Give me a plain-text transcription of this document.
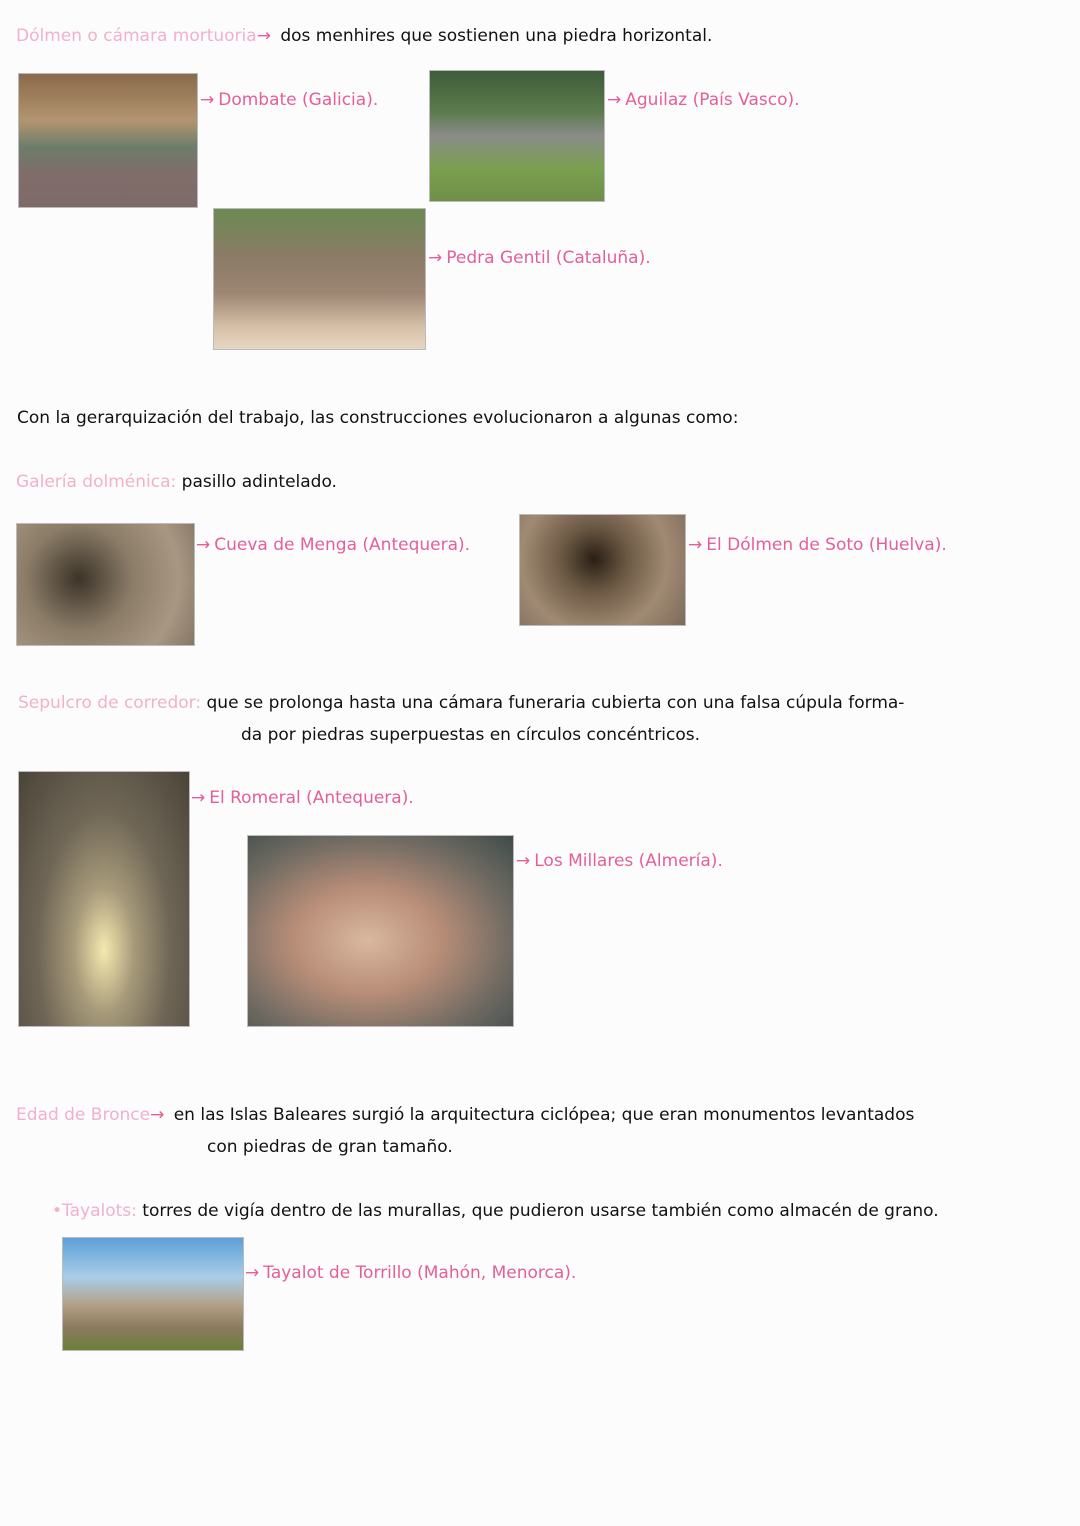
Dólmen o cámara mortuoria→ dos menhires que sostienen una piedra horizontal.
→ Dombate (Galicia).	→ Aguilaz (País Vasco).
→ Pedra Gentil (Cataluña).
Con la gerarquización del trabajo, las construcciones evolucionaron a algunas como:
Galería dolménica: pasillo adintelado.
→ Cueva de Menga (Antequera).	→ El Dólmen de Soto (Huelva).
Sepulcro de corredor: que se prolonga hasta una cámara funeraria cubierta con una falsa cúpula forma-
da por piedras superpuestas en círculos concéntricos.
→ El Romeral (Antequera).
→ Los Millares (Almería).
Edad de Bronce→ en las Islas Baleares surgió la arquitectura ciclópea; que eran monumentos levantados
con piedras de gran tamaño.
•Tayalots: torres de vigía dentro de las murallas, que pudieron usarse también como almacén de grano.
→ Tayalot de Torrillo (Mahón, Menorca).
